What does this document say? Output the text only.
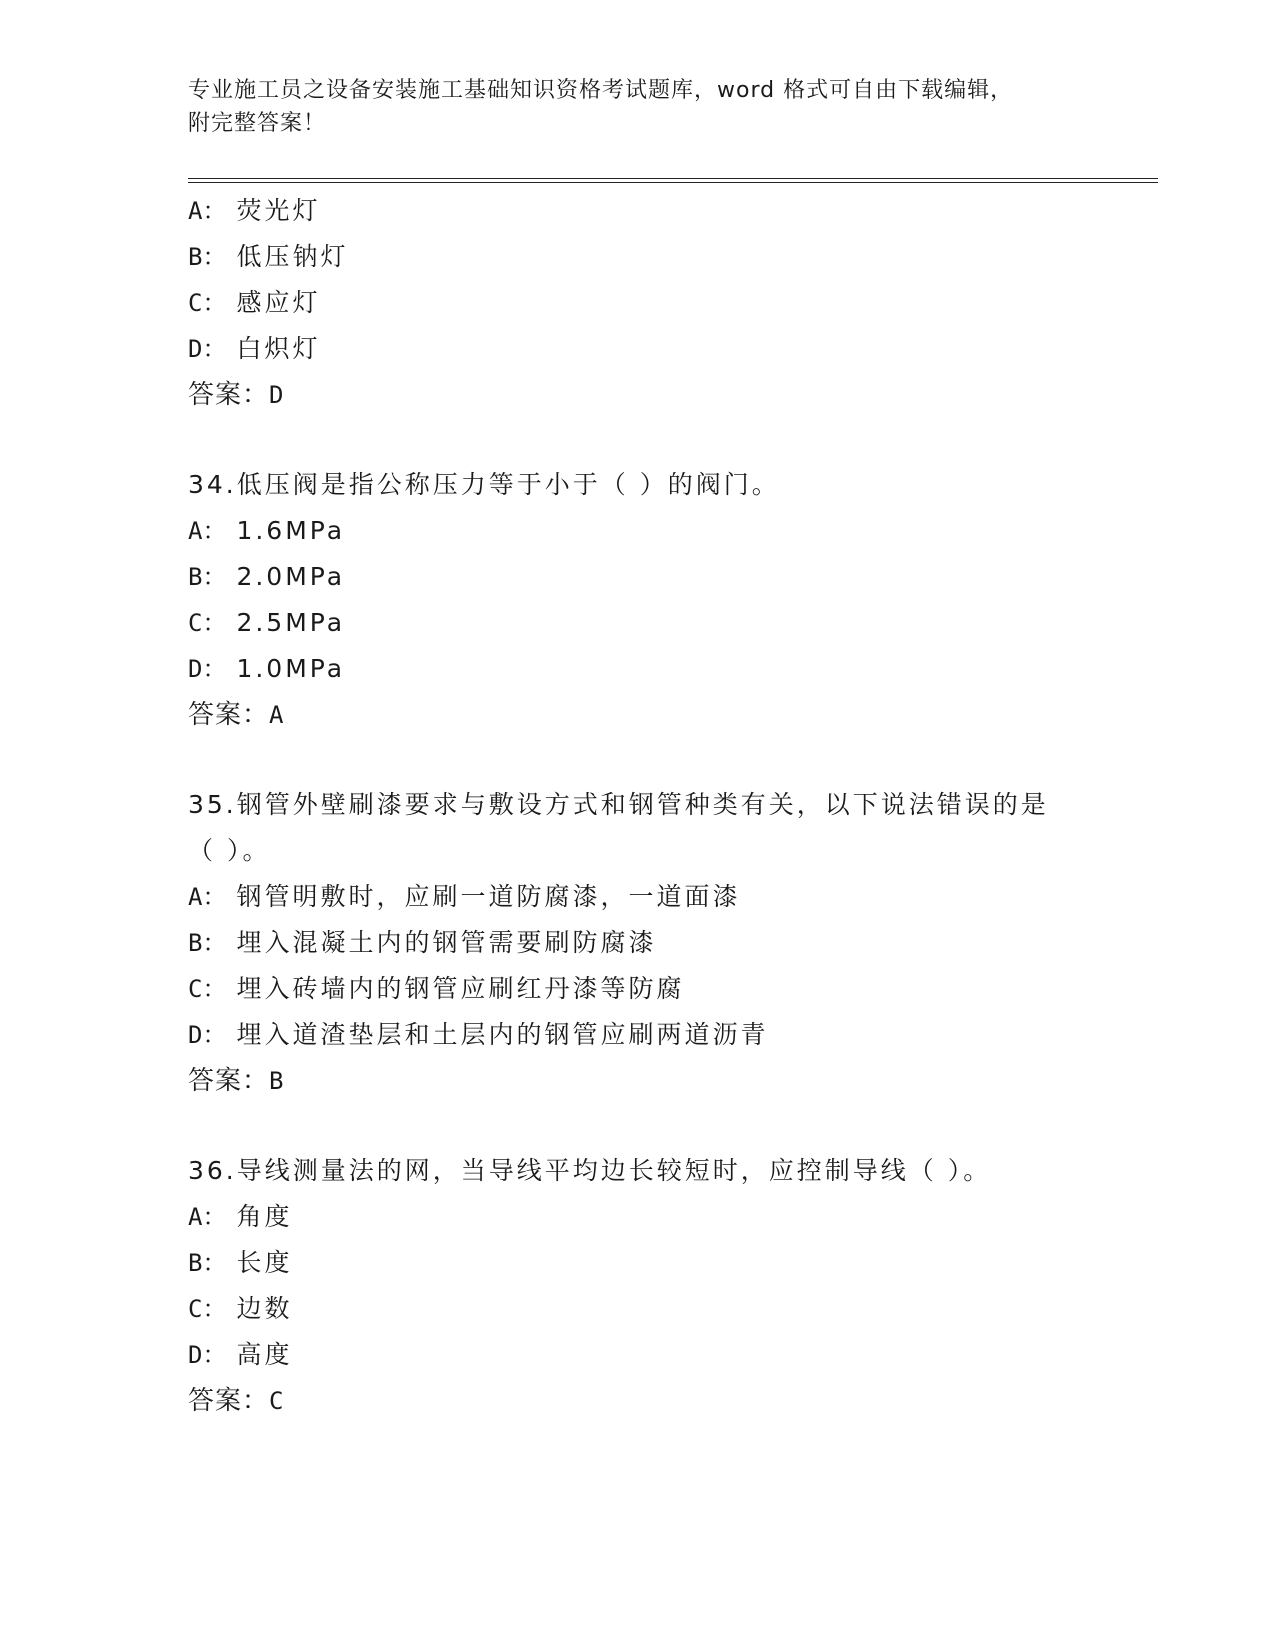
专业施工员之设备安装施工基础知识资格考试题库，word 格式可自由下载编辑，

附完整答案！

A： 荧光灯
B： 低压钠灯
C： 感应灯
D： 白炽灯
答案：D
34.低压阀是指公称压力等于小于（ ）的阀门。
A： 1.6MPa
B： 2.0MPa
C： 2.5MPa
D： 1.0MPa
答案：A
35.钢管外壁刷漆要求与敷设方式和钢管种类有关，以下说法错误的是
（ ）。
A： 钢管明敷时，应刷一道防腐漆，一道面漆
B： 埋入混凝土内的钢管需要刷防腐漆
C： 埋入砖墙内的钢管应刷红丹漆等防腐
D： 埋入道渣垫层和土层内的钢管应刷两道沥青
答案：B
36.导线测量法的网，当导线平均边长较短时，应控制导线（ ）。
A： 角度
B： 长度
C： 边数
D： 高度
答案：C
